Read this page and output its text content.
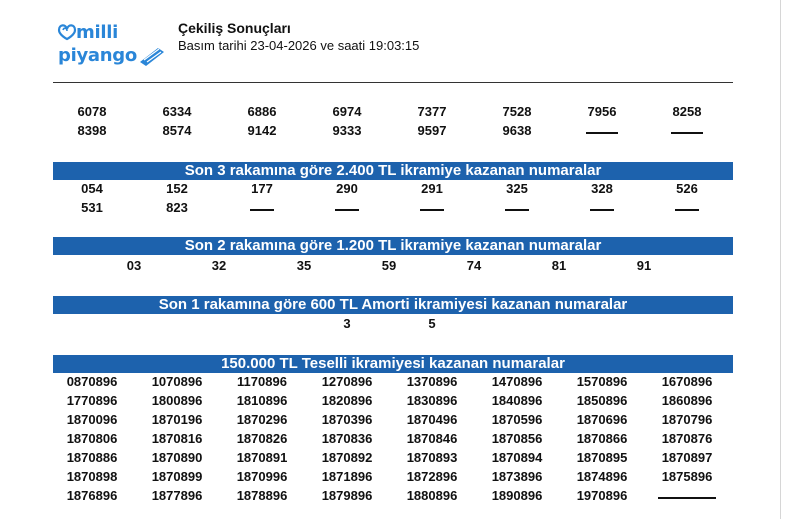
milli
piyango
Çekiliş Sonuçları
Basım tarihi 23-04-2026 ve saati 19:03:15
Son 3 rakamına göre 2.400 TL ikramiye kazanan numaralar
Son 2 rakamına göre 1.200 TL ikramiye kazanan numaralar
Son 1 rakamına göre 600 TL Amorti ikramiyesi kazanan numaralar
150.000 TL Teselli ikramiyesi kazanan numaralar
6078	6334	6886	6974	7377	7528	7956	8258
8398	8574	9142	9333	9597	9638
054	152	177	290	291	325	328	526
531	823
03	32	35	59	74	81	91
3	5
0870896	1070896	1170896	1270896	1370896	1470896	1570896	1670896
1770896	1800896	1810896	1820896	1830896	1840896	1850896	1860896
1870096	1870196	1870296	1870396	1870496	1870596	1870696	1870796
1870806	1870816	1870826	1870836	1870846	1870856	1870866	1870876
1870886	1870890	1870891	1870892	1870893	1870894	1870895	1870897
1870898	1870899	1870996	1871896	1872896	1873896	1874896	1875896
1876896	1877896	1878896	1879896	1880896	1890896	1970896
